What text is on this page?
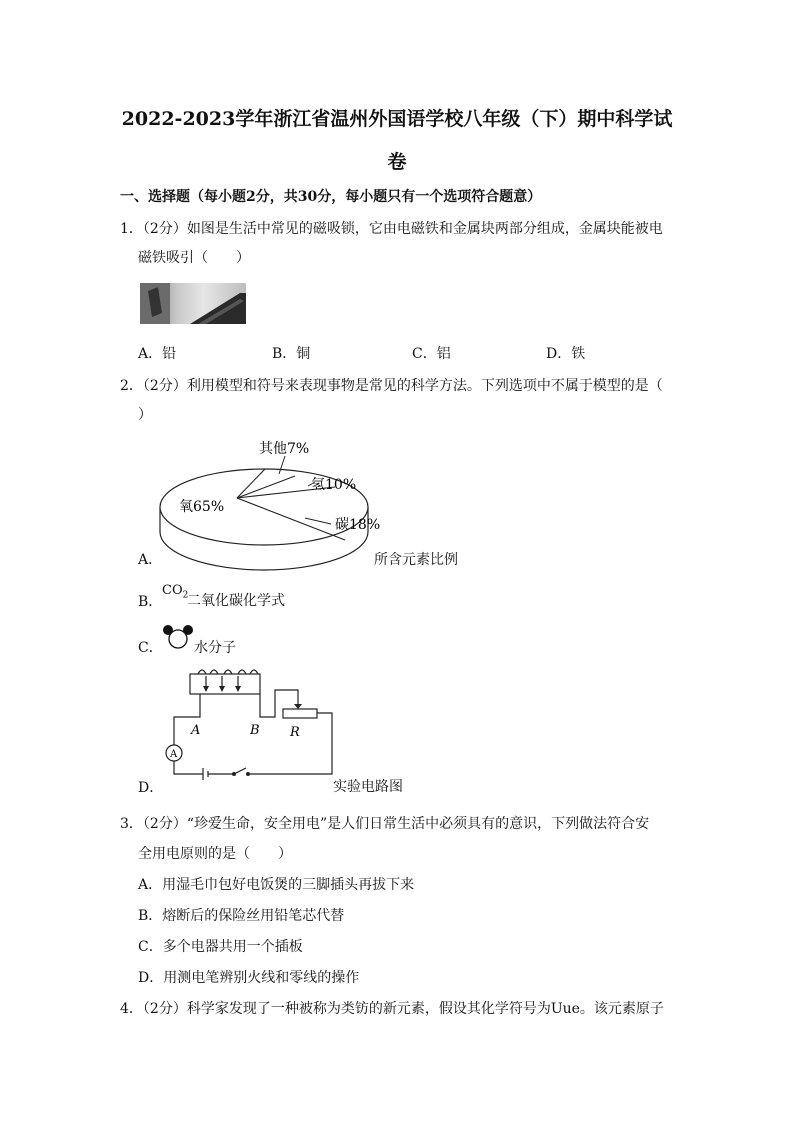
2022-2023学年浙江省温州外国语学校八年级（下）期中科学试
卷
一、选择题（每小题2分，共30分，每小题只有一个选项符合题意）
1．（2分）如图是生活中常见的磁吸锁，它由电磁铁和金属块两部分组成，金属块能被电
磁铁吸引（　　）
A．铅	B．铜	C．铝	D．铁
2．（2分）利用模型和符号来表现事物是常见的科学方法。下列选项中不属于模型的是（
）
A．
其他7%
氢10%
碳18%
氧65%
所含元素比例
B．
$CO_2$
二氧化碳化学式
C． 水分子
D．
A	B R
A
实验电路图
3．（2分）“珍爱生命，安全用电”是人们日常生活中必须具有的意识，下列做法符合安
全用电原则的是（　　）
A．用湿毛巾包好电饭煲的三脚插头再拔下来
B．熔断后的保险丝用铅笔芯代替
C．多个电器共用一个插板
D．用测电笔辨别火线和零线的操作
4．（2分）科学家发现了一种被称为类钫的新元素，假设其化学符号为Uue。该元素原子
